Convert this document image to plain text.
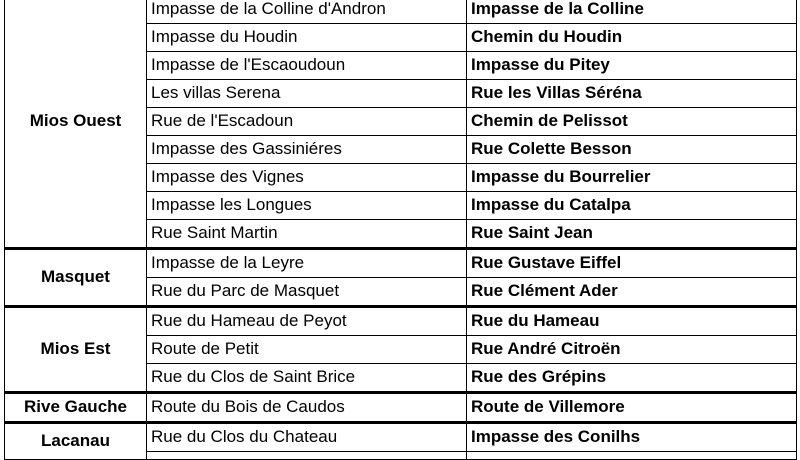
Mios Ouest	Impasse de la Colline d'Andron	Impasse de la Colline
	Impasse du Houdin	Chemin du Houdin
	Impasse de l'Escaoudoun	Impasse du Pitey
	Les villas Serena	Rue les Villas Séréna
	Rue de l'Escadoun	Chemin de Pelissot
	Impasse des Gassiniéres	Rue Colette Besson
	Impasse des Vignes	Impasse du Bourrelier
	Impasse les Longues	Impasse du Catalpa
	Rue Saint Martin	Rue Saint Jean
Masquet	Impasse de la Leyre	Rue Gustave Eiffel
	Rue du Parc de Masquet	Rue Clément Ader
Mios Est	Rue du Hameau de Peyot	Rue du Hameau
	Route de Petit	Rue André Citroën
	Rue du Clos de Saint Brice	Rue des Grépins
Rive Gauche	Route du Bois de Caudos	Route de Villemore
Lacanau	Rue du Clos du Chateau	Impasse des Conilhs
